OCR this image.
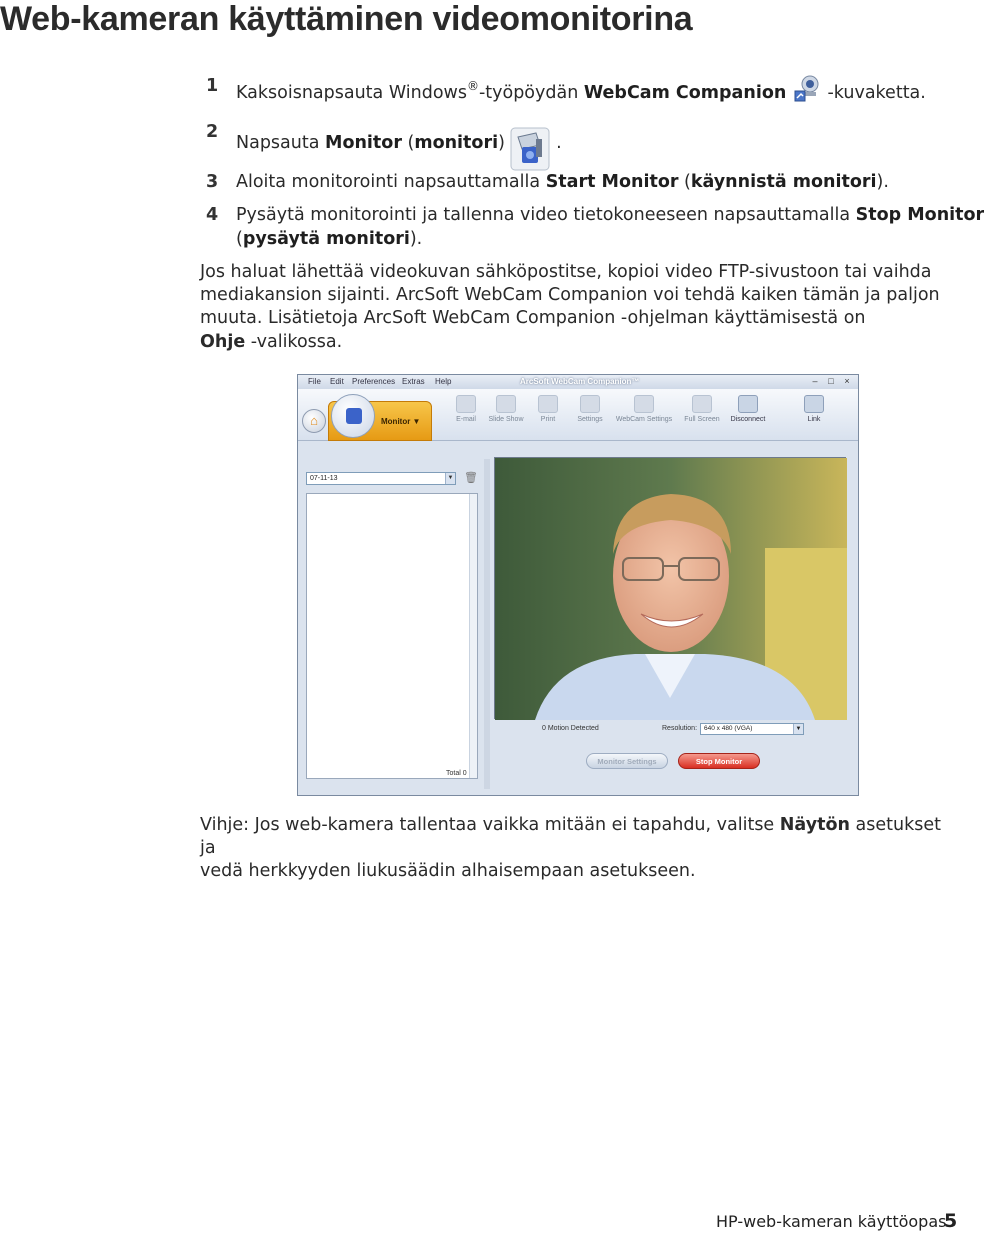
Web-kameran käyttäminen videomonitorina
1 Kaksoisnapsauta Windows®-työpöydän WebCam Companion -kuvaketta.
2
Napsauta Monitor (monitori)	.
3 Aloita monitorointi napsauttamalla Start Monitor (käynnistä monitori).
4 Pysäytä monitorointi ja tallenna video tietokoneeseen napsauttamalla Stop Monitor
(pysäytä monitori).
Jos haluat lähettää videokuvan sähköpostitse, kopioi video FTP-sivustoon tai vaihda
mediakansion sijainti. ArcSoft WebCam Companion voi tehdä kaiken tämän ja paljon
muuta. Lisätietoja ArcSoft WebCam Companion -ohjelman käyttämisestä on
Ohje -valikossa.
File Edit Preferences Extras Help	ArcSoft WebCam Companion™	– □ ×
⌂	Monitor ▼	E-mail	Slide Show	Print	Settings	WebCam Settings	Full Screen	Disconnect	Link
07-11-13	▼ 🗑
Total 0
0 Motion Detected	Resolution:	640 x 480 (VGA)	▼
Monitor Settings	Stop Monitor
Vihje: Jos web-kamera tallentaa vaikka mitään ei tapahdu, valitse Näytön asetukset ja
vedä herkkyyden liukusäädin alhaisempaan asetukseen.
HP-web-kameran käyttöopas
5
